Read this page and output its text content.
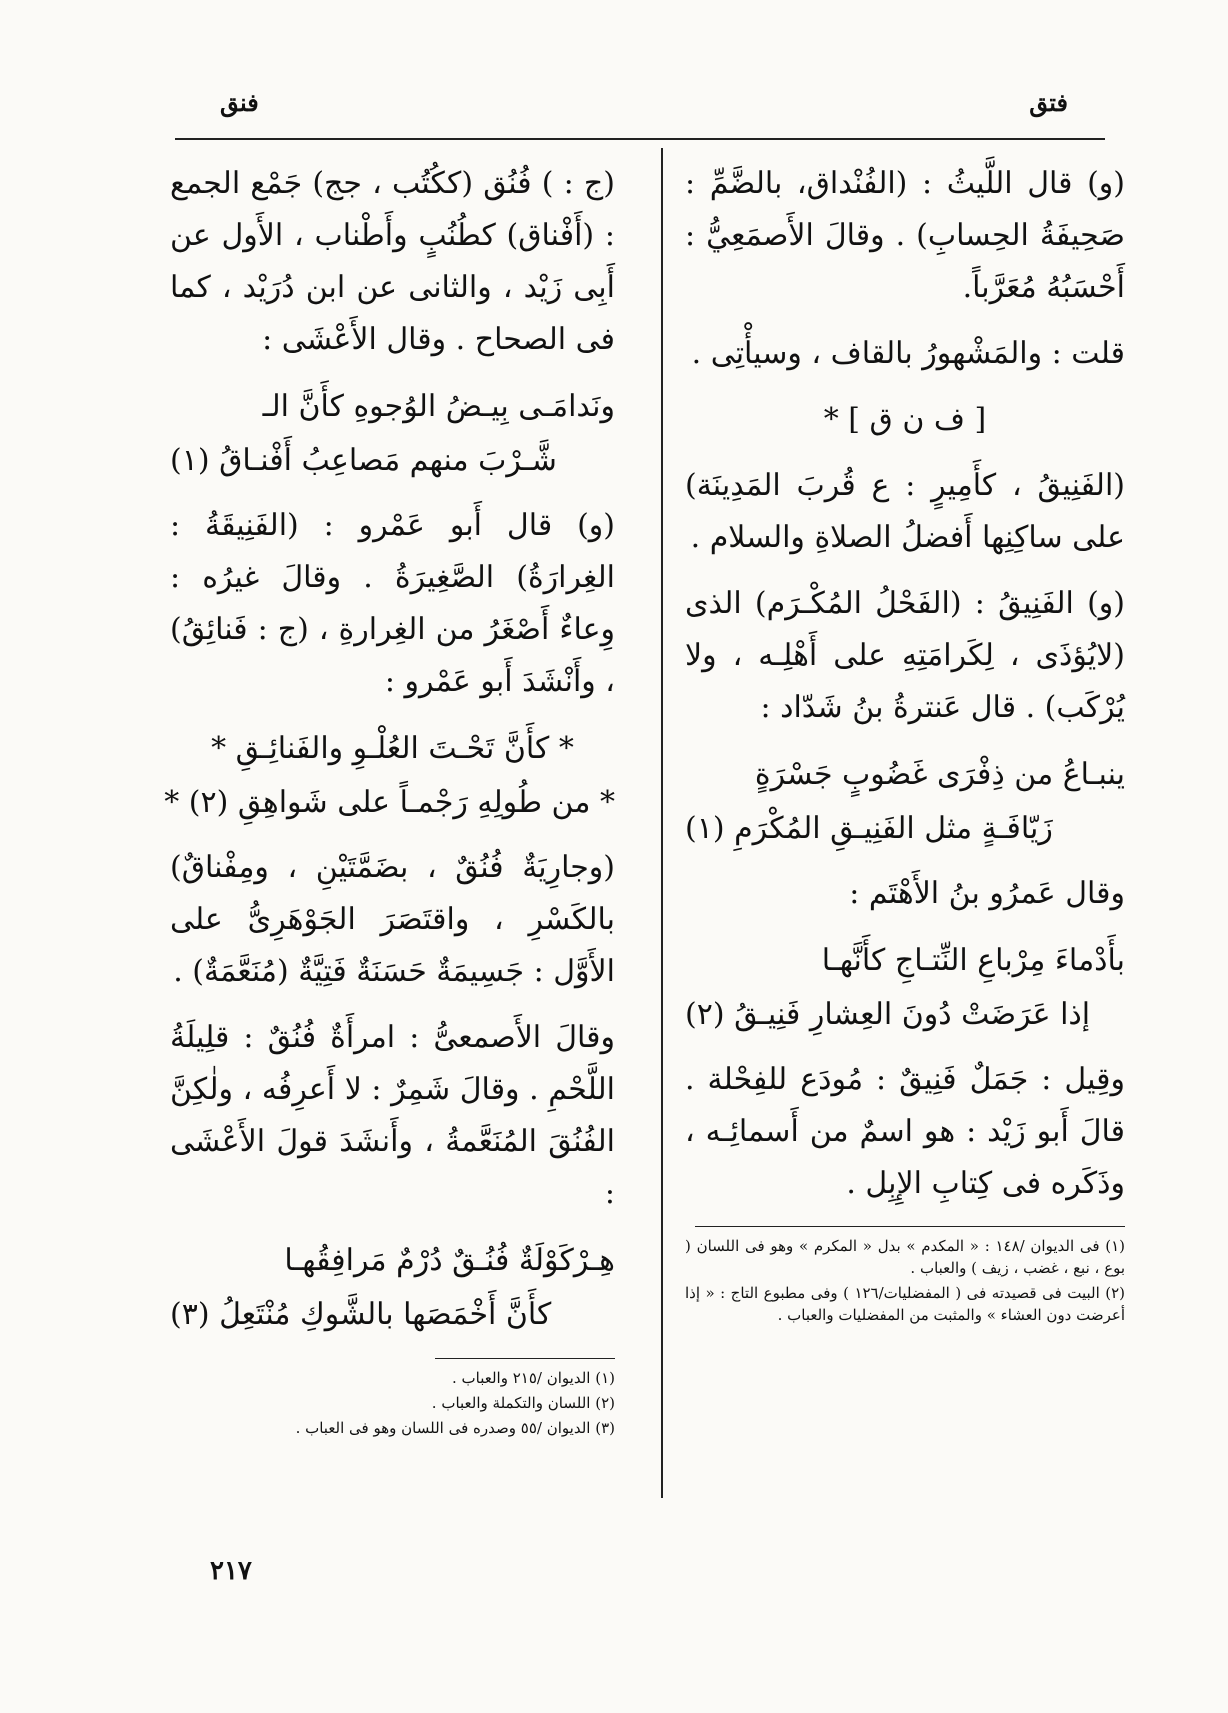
فتق
فنق

(و) قال اللَّيثُ : (الفُنْداق، بالضَّمِّ : صَحِيفَةُ الحِسابِ) . وقالَ الأَصمَعِيُّ : أَحْسَبُهُ مُعَرَّباً.

قلت : والمَشْهورُ بالقاف ، وسيأْتِى .

[ ف ن ق ] *

(الفَنِيقُ ، كأَمِيرٍ : ع قُربَ المَدِينَة) على ساكِنِها أَفضلُ الصلاةِ والسلام .

(و) الفَنِيقُ : (الفَحْلُ المُكْـرَم) الذى (لايُؤذَى ، لِكَرامَتِهِ على أَهْلِـه ، ولا يُرْكَب) . قال عَنترةُ بنُ شَدّاد :

ينبـاعُ من ذِفْرَى غَضُوبٍ جَسْرَةٍ
زَيّافَـةٍ مثل الفَنِيـقِ المُكْرَمِ (١)

وقال عَمرُو بنُ الأَهْتَم :

بأَدْماءَ مِرْباعِ النِّتـاجِ كأَنَّهـا
إذا عَرَضَتْ دُونَ العِشارِ فَنِيـقُ (٢)

وقِيل : جَمَلٌ فَنِيقٌ : مُودَع للفِحْلة . قالَ أَبو زَيْد : هو اسمٌ من أَسمائِـه ، وذَكَره فى كِتابِ الإِبِل .

(١) فى الديوان /١٤٨ : « المكدم » بدل « المكرم » وهو فى اللسان ( بوع ، نبع ، غضب ، زيف ) والعباب .

(٢) البيت فى قصيدته فى ( المفضليات/١٢٦ ) وفى مطبوع التاج : « إذا أعرضت دون العشاء » والمثبت من المفضليات والعباب .

(ج : ) فُنُق (ككُتُب ، جج) جَمْع الجمع : (أَفْناق) كطُنُبٍ وأَطْناب ، الأَول عن أَبِى زَيْد ، والثانى عن ابن دُرَيْد ، كما فى الصحاح . وقال الأَعْشَى :

ونَدامَـى بِيـضُ الوُجوهِ كأَنَّ الـ
شَّـرْبَ منهم مَصاعِبُ أَفْنـاقُ (١)

(و) قال أَبو عَمْرو : (الفَنِيقَةُ : الغِرارَةُ) الصَّغِيرَةُ . وقالَ غيرُه : وِعاءٌ أَصْغَرُ من الغِرارةِ ، (ج : فَنائِقُ) ، وأَنْشَدَ أَبو عَمْرو :

* كأَنَّ تَحْـتَ العُلْـوِ والفَنائِـقِ *
* من طُولِهِ رَجْمـاً على شَواهِقِ (٢) *

(وجارِيَةٌ فُنُقٌ ، بضَمَّتَيْنِ ، ومِفْناقٌ) بالكَسْرِ ، واقتَصَرَ الجَوْهَرِىُّ على الأَوَّل : جَسِيمَةٌ حَسَنَةٌ فَتِيَّةٌ (مُنَعَّمَةٌ) .

وقالَ الأَصمعىُّ : امرأَةٌ فُنُقٌ : قلِيلَةُ اللَّحْمِ . وقالَ شَمِرٌ : لا أَعرِفُه ، ولٰكِنَّ الفُنُقَ المُنَعَّمةُ ، وأَنشَدَ قولَ الأَعْشَى :

هِـرْكَوْلَةٌ فُنُـقٌ دُرْمٌ مَرافِقُهـا
كأَنَّ أَخْمَصَها بالشَّوكِ مُنْتَعِلُ (٣)

(١) الديوان /٢١٥ والعباب .

(٢) اللسان والتكملة والعباب .

(٣) الديوان /٥٥ وصدره فى اللسان وهو فى العباب .

٢١٧
